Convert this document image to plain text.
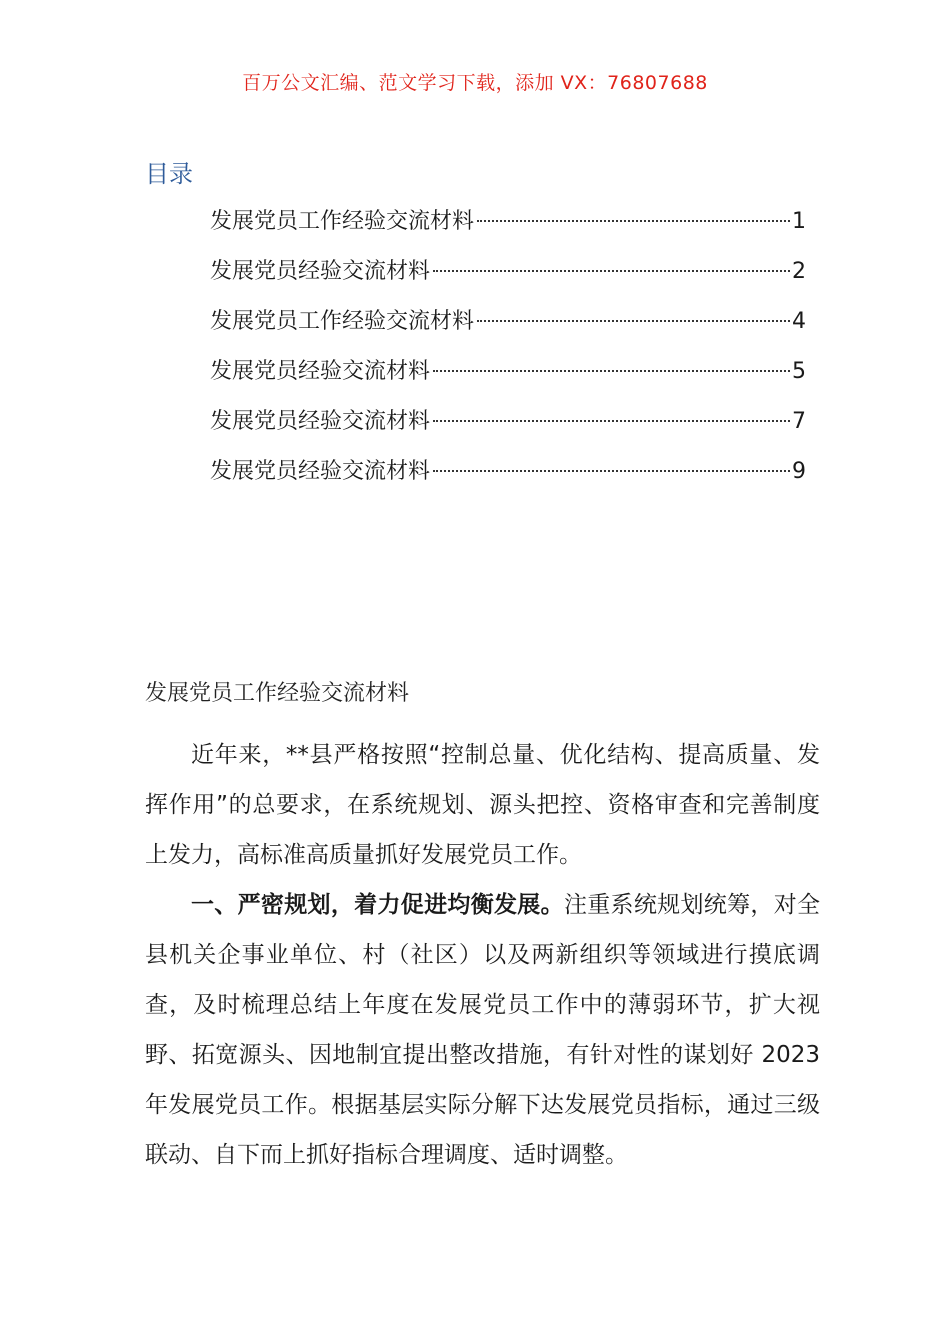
百万公文汇编、范文学习下载，添加 VX：76807688
目录
发展党员工作经验交流材料	1
发展党员经验交流材料	2
发展党员工作经验交流材料	4
发展党员经验交流材料	5
发展党员经验交流材料	7
发展党员经验交流材料	9
发展党员工作经验交流材料

近年来，**县严格按照“控制总量、优化结构、提高质量、发挥作用”的总要求，在系统规划、源头把控、资格审查和完善制度上发力，高标准高质量抓好发展党员工作。

一、严密规划，着力促进均衡发展。注重系统规划统筹，对全县机关企事业单位、村（社区）以及两新组织等领域进行摸底调查，及时梳理总结上年度在发展党员工作中的薄弱环节，扩大视野、拓宽源头、因地制宜提出整改措施，有针对性的谋划好 2023 年发展党员工作。根据基层实际分解下达发展党员指标，通过三级联动、自下而上抓好指标合理调度、适时调整。
